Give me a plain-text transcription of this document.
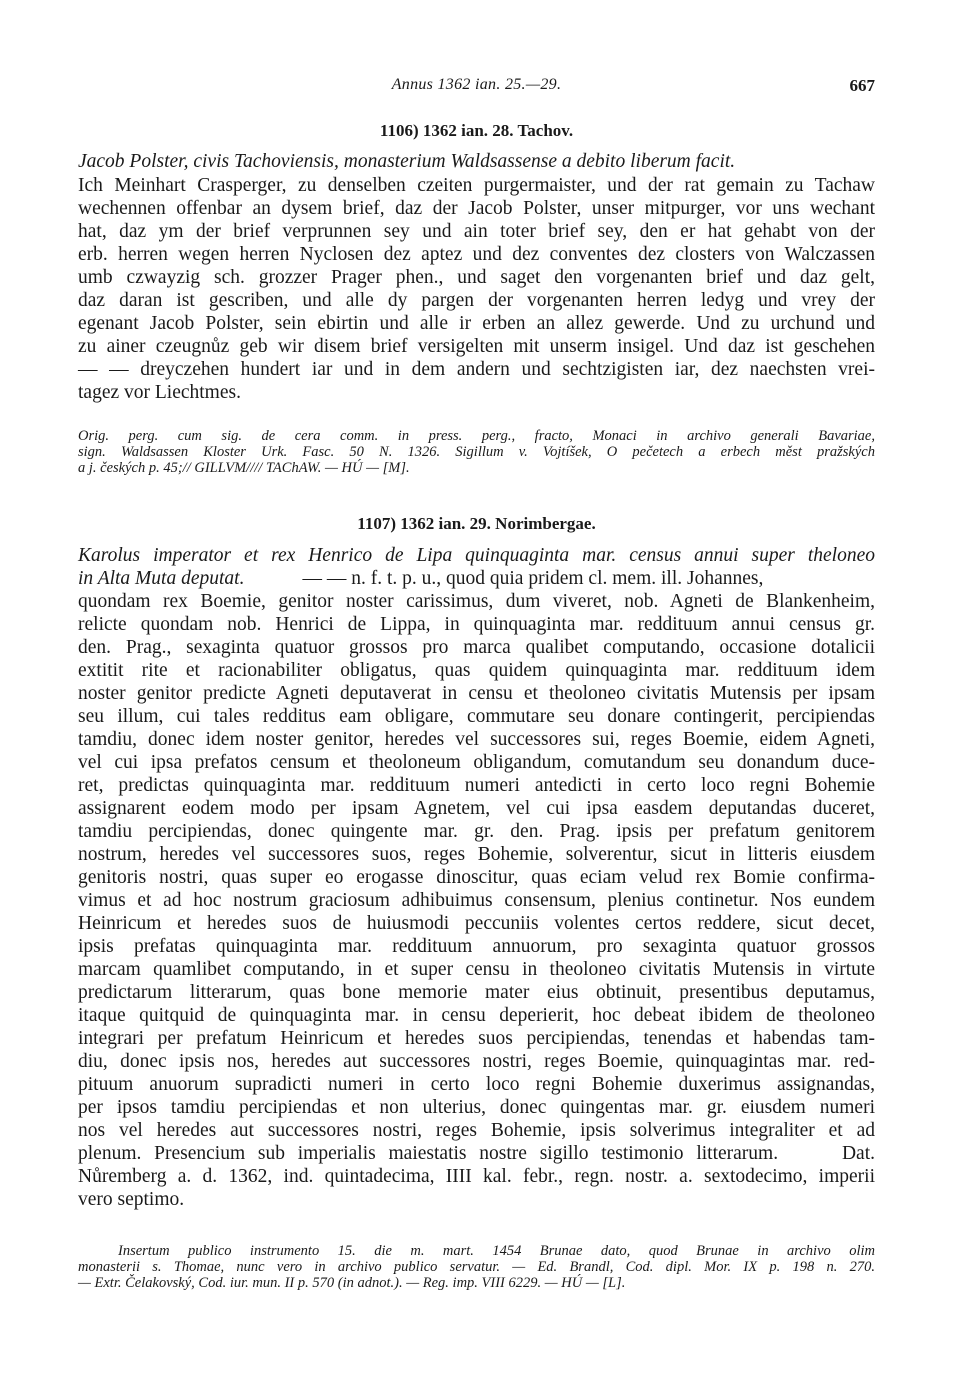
Annus 1362 ian. 25.—29.	667
1106) 1362 ian. 28. Tachov.
Jacob Polster, civis Tachoviensis, monasterium Waldsassense a debito liberum facit.
Ich Meinhart Crasperger, zu denselben czeiten purgermaister, und der rat gemain zu Tachaw
wechennen offenbar an dysem brief, daz der Jacob Polster, unser mitpurger, vor uns wechant
hat, daz ym der brief verprunnen sey und ain toter brief sey, den er hat gehabt von der
erb. herren wegen herren Nyclosen dez aptez und dez conventes dez closters von Walczassen
umb czwayzig sch. grozzer Prager phen., und saget den vorgenanten brief und daz gelt,
daz daran ist gescriben, und alle dy pargen der vorgenanten herren ledyg und vrey der
egenant Jacob Polster, sein ebirtin und alle ir erben an allez gewerde. Und zu urchund und
zu ainer czeugnůz geb wir disem brief versigelten mit unserm insigel. Und daz ist geschehen
— — dreyczehen hundert iar und in dem andern und sechtzigisten iar, dez naechsten vrei-
tagez vor Liechtmes.
Orig. perg. cum sig. de cera comm. in press. perg., fracto, Monaci in archivo generali Bavariae,
sign. Waldsassen Kloster Urk. Fasc. 50 N. 1326. Sigillum v. Vojtíšek, O pečetech a erbech měst pražských
a j. českých p. 45;// GILLVM//// TAChAW. — HÚ — [M].
1107) 1362 ian. 29. Norimbergae.
Karolus imperator et rex Henrico de Lipa quinquaginta mar. census annui super theloneo
in Alta Muta deputat.	— — n. f. t. p. u., quod quia pridem cl. mem. ill. Johannes,
quondam rex Boemie, genitor noster carissimus, dum viveret, nob. Agneti de Blankenheim,
relicte quondam nob. Henrici de Lippa, in quinquaginta mar. reddituum annui census gr.
den. Prag., sexaginta quatuor grossos pro marca qualibet computando, occasione dotalicii
extitit rite et racionabiliter obligatus, quas quidem quinquaginta mar. reddituum idem
noster genitor predicte Agneti deputaverat in censu et theoloneo civitatis Mutensis per ipsam
seu illum, cui tales redditus eam obligare, commutare seu donare contingerit, percipiendas
tamdiu, donec idem noster genitor, heredes vel successores sui, reges Boemie, eidem Agneti,
vel cui ipsa prefatos censum et theoloneum obligandum, comutandum seu donandum duce-
ret, predictas quinquaginta mar. reddituum numeri antedicti in certo loco regni Bohemie
assignarent eodem modo per ipsam Agnetem, vel cui ipsa easdem deputandas duceret,
tamdiu percipiendas, donec quingente mar. gr. den. Prag. ipsis per prefatum genitorem
nostrum, heredes vel successores suos, reges Bohemie, solverentur, sicut in litteris eiusdem
genitoris nostri, quas super eo erogasse dinoscitur, quas eciam velud rex Bomie confirma-
vimus et ad hoc nostrum graciosum adhibuimus consensum, plenius continetur. Nos eundem
Heinricum et heredes suos de huiusmodi peccuniis volentes certos reddere, sicut decet,
ipsis prefatas quinquaginta mar. reddituum annuorum, pro sexaginta quatuor grossos
marcam quamlibet computando, in et super censu in theoloneo civitatis Mutensis in virtute
predictarum litterarum, quas bone memorie mater eius obtinuit, presentibus deputamus,
itaque quitquid de quinquaginta mar. in censu deperierit, hoc debeat ibidem de theoloneo
integrari per prefatum Heinricum et heredes suos percipiendas, tenendas et habendas tam-
diu, donec ipsis nos, heredes aut successores nostri, reges Boemie, quinquagintas mar. red-
pituum anuorum supradicti numeri in certo loco regni Bohemie duxerimus assignandas,
per ipsos tamdiu percipiendas et non ulterius, donec quingentas mar. gr. eiusdem numeri
nos vel heredes aut successores nostri, reges Bohemie, ipsis solverimus integraliter et ad
plenum. Presencium sub imperialis maiestatis nostre sigillo testimonio litterarum.     Dat.
Nůremberg a. d. 1362, ind. quintadecima, IIII kal. febr., regn. nostr. a. sextodecimo, imperii
vero septimo.
Insertum publico instrumento 15. die m. mart. 1454 Brunae dato, quod Brunae in archivo olim
monasterii s. Thomae, nunc vero in archivo publico servatur. — Ed. Brandl, Cod. dipl. Mor. IX p. 198 n. 270.
— Extr. Čelakovský, Cod. iur. mun. II p. 570 (in adnot.). — Reg. imp. VIII 6229. — HÚ — [L].
